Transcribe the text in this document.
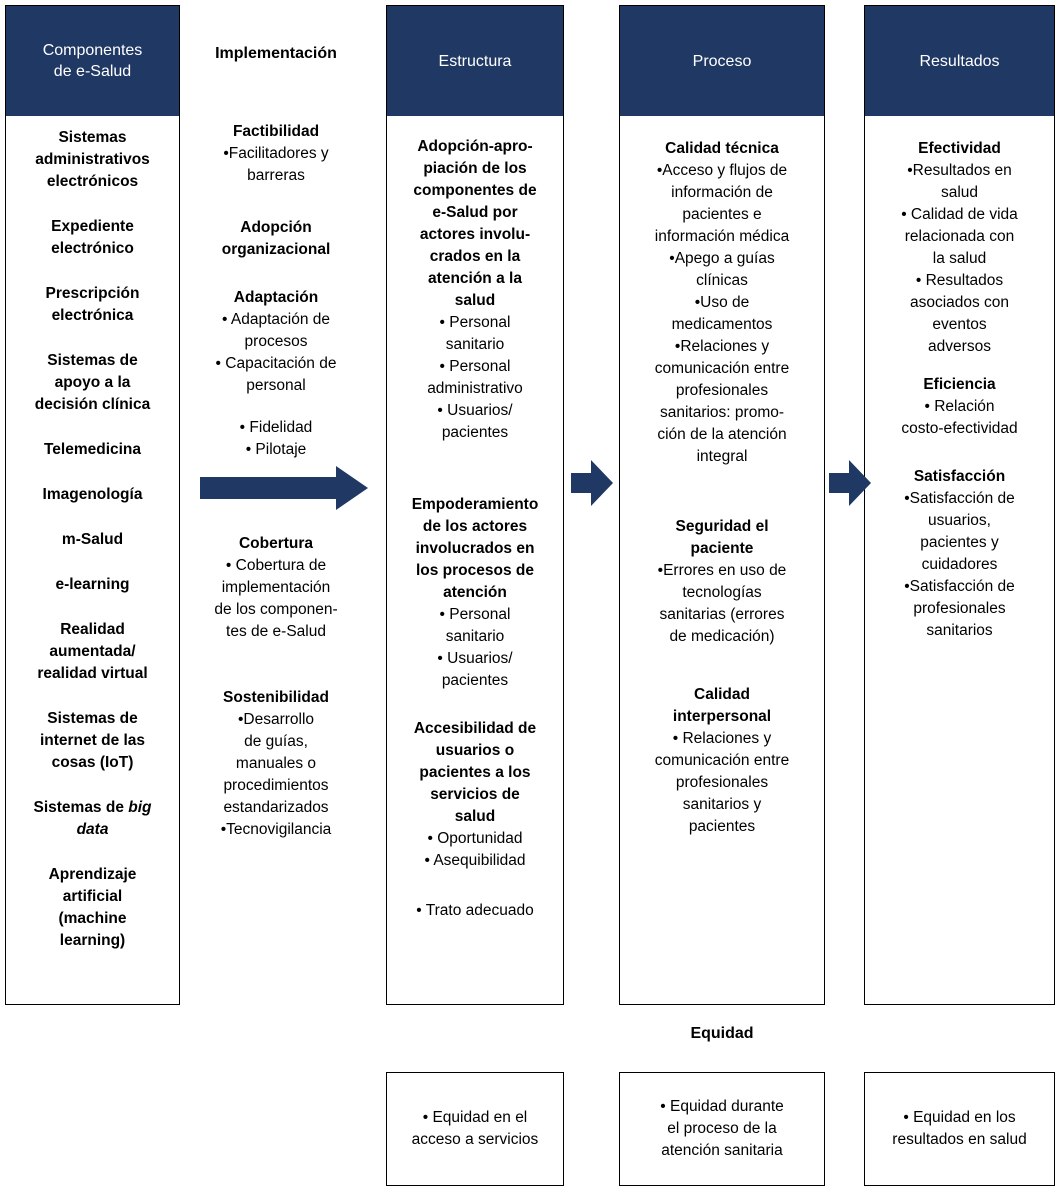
Componentes
de e-Salud
Sistemas
administrativos
electrónicos
Expediente
electrónico
Prescripción
electrónica
Sistemas de
apoyo a la
decisión clínica
Telemedicina
Imagenología
m-Salud
e-learning
Realidad
aumentada/
realidad virtual
Sistemas de
internet de las
cosas (IoT)
Sistemas de big
data
Aprendizaje
artificial
(machine
learning)
Implementación
Factibilidad
•Facilitadores y
barreras
Adopción
organizacional
Adaptación
• Adaptación de
procesos
• Capacitación de
personal
• Fidelidad
• Pilotaje
Cobertura
• Cobertura de
implementación
de los componen-
tes de e-Salud
Sostenibilidad
•Desarrollo
de guías,
manuales o
procedimientos
estandarizados
•Tecnovigilancia
Estructura
Adopción-apro-
piación de los
componentes de
e-Salud por
actores involu-
crados en la
atención a la
salud
• Personal
sanitario
• Personal
administrativo
• Usuarios/
pacientes
Empoderamiento
de los actores
involucrados en
los procesos de
atención
• Personal
sanitario
• Usuarios/
pacientes
Accesibilidad de
usuarios o
pacientes a los
servicios de
salud
• Oportunidad
• Asequibilidad
• Trato adecuado
Proceso
Calidad técnica
•Acceso y flujos de
información de
pacientes e
información médica
•Apego a guías
clínicas
•Uso de
medicamentos
•Relaciones y
comunicación entre
profesionales
sanitarios: promo-
ción de la atención
integral
Seguridad el
paciente
•Errores en uso de
tecnologías
sanitarias (errores
de medicación)
Calidad
interpersonal
• Relaciones y
comunicación entre
profesionales
sanitarios y
pacientes
Resultados
Efectividad
•Resultados en
salud
• Calidad de vida
relacionada con
la salud
• Resultados
asociados con
eventos
adversos
Eficiencia
• Relación
costo-efectividad
Satisfacción
•Satisfacción de
usuarios,
pacientes y
cuidadores
•Satisfacción de
profesionales
sanitarios
Equidad
• Equidad en el
acceso a servicios
• Equidad durante
el proceso de la
atención sanitaria
• Equidad en los
resultados en salud
